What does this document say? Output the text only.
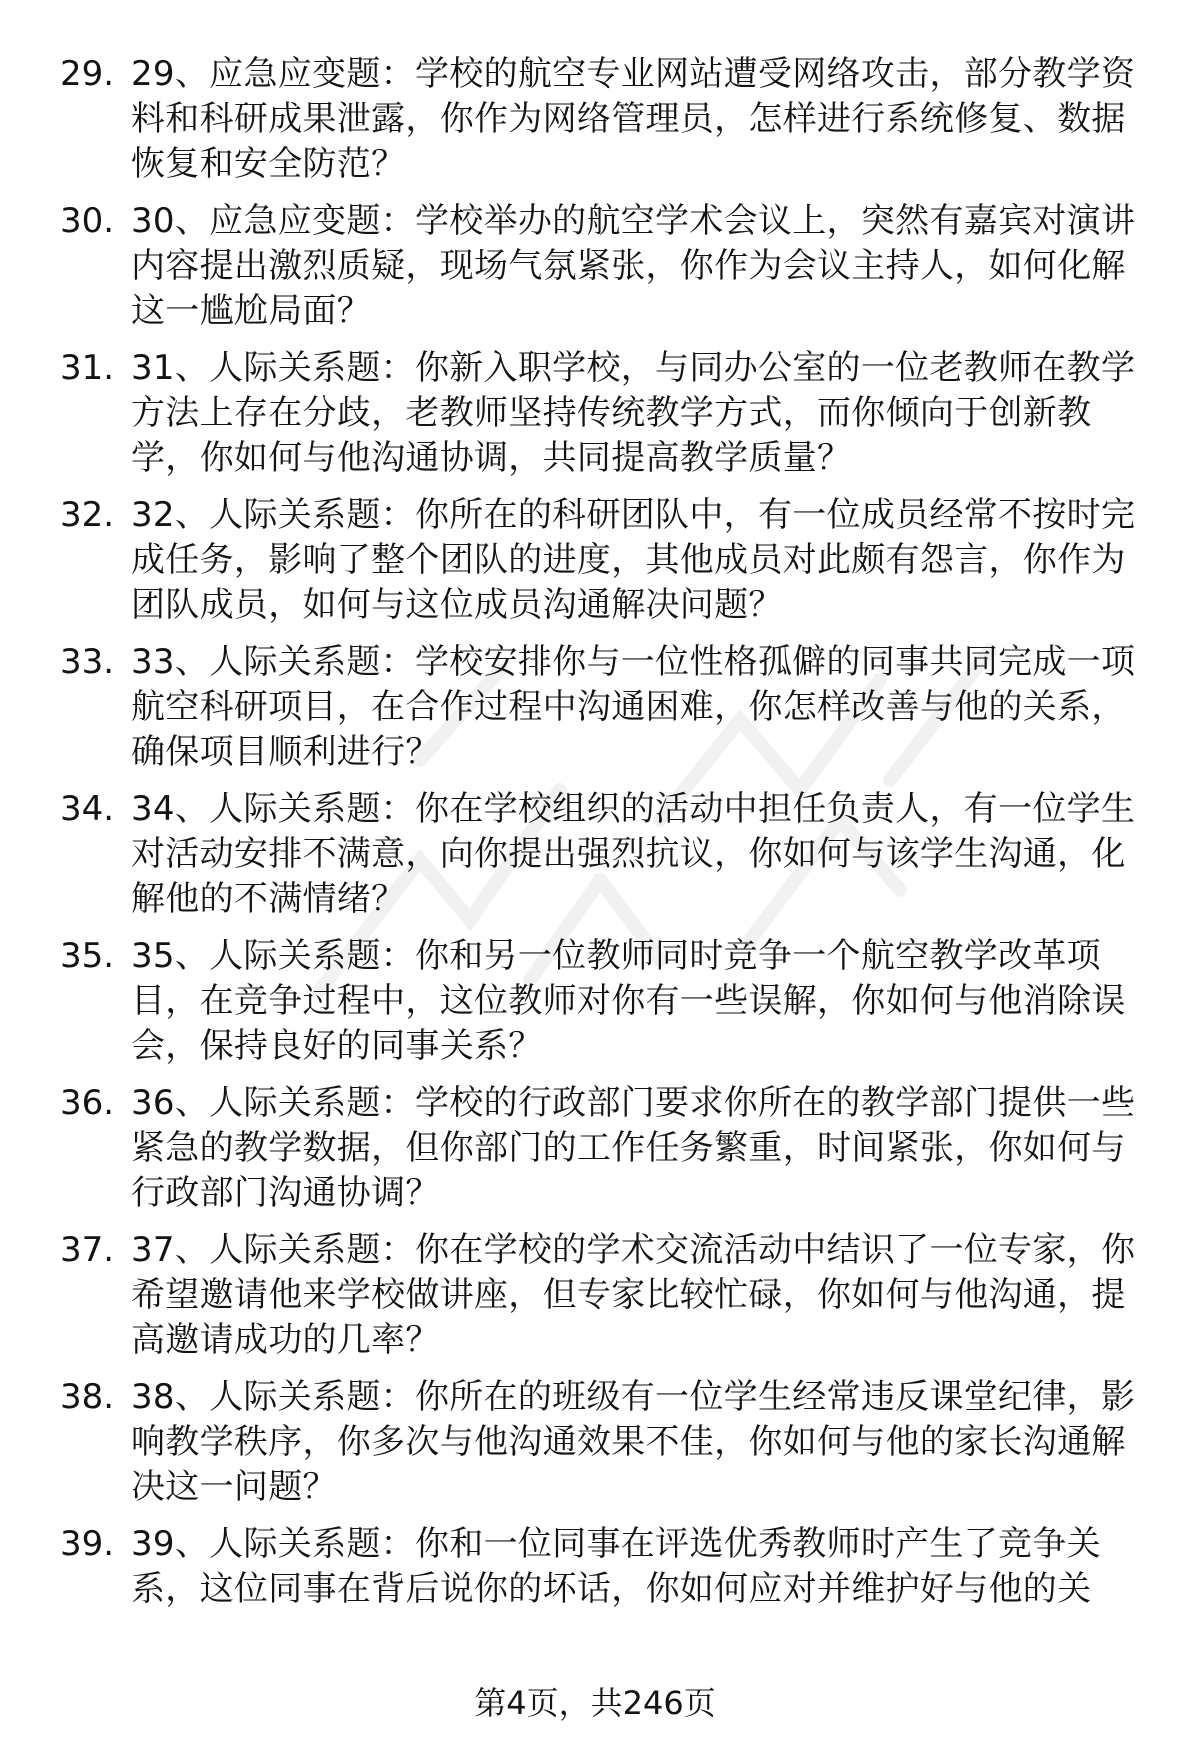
29. 29、应急应变题：学校的航空专业网站遭受网络攻击，部分教学资料和科研成果泄露，你作为网络管理员，怎样进行系统修复、数据恢复和安全防范？
30. 30、应急应变题：学校举办的航空学术会议上，突然有嘉宾对演讲内容提出激烈质疑，现场气氛紧张，你作为会议主持人，如何化解这一尴尬局面？
31. 31、人际关系题：你新入职学校，与同办公室的一位老教师在教学方法上存在分歧，老教师坚持传统教学方式，而你倾向于创新教学，你如何与他沟通协调，共同提高教学质量？
32. 32、人际关系题：你所在的科研团队中，有一位成员经常不按时完成任务，影响了整个团队的进度，其他成员对此颇有怨言，你作为团队成员，如何与这位成员沟通解决问题？
33. 33、人际关系题：学校安排你与一位性格孤僻的同事共同完成一项航空科研项目，在合作过程中沟通困难，你怎样改善与他的关系，确保项目顺利进行？
34. 34、人际关系题：你在学校组织的活动中担任负责人，有一位学生对活动安排不满意，向你提出强烈抗议，你如何与该学生沟通，化解他的不满情绪？
35. 35、人际关系题：你和另一位教师同时竞争一个航空教学改革项目，在竞争过程中，这位教师对你有一些误解，你如何与他消除误会，保持良好的同事关系？
36. 36、人际关系题：学校的行政部门要求你所在的教学部门提供一些紧急的教学数据，但你部门的工作任务繁重，时间紧张，你如何与行政部门沟通协调？
37. 37、人际关系题：你在学校的学术交流活动中结识了一位专家，你希望邀请他来学校做讲座，但专家比较忙碌，你如何与他沟通，提高邀请成功的几率？
38. 38、人际关系题：你所在的班级有一位学生经常违反课堂纪律，影响教学秩序，你多次与他沟通效果不佳，你如何与他的家长沟通解决这一问题？
39. 39、人际关系题：你和一位同事在评选优秀教师时产生了竞争关系，这位同事在背后说你的坏话，你如何应对并维护好与他的关
第4页，共246页
